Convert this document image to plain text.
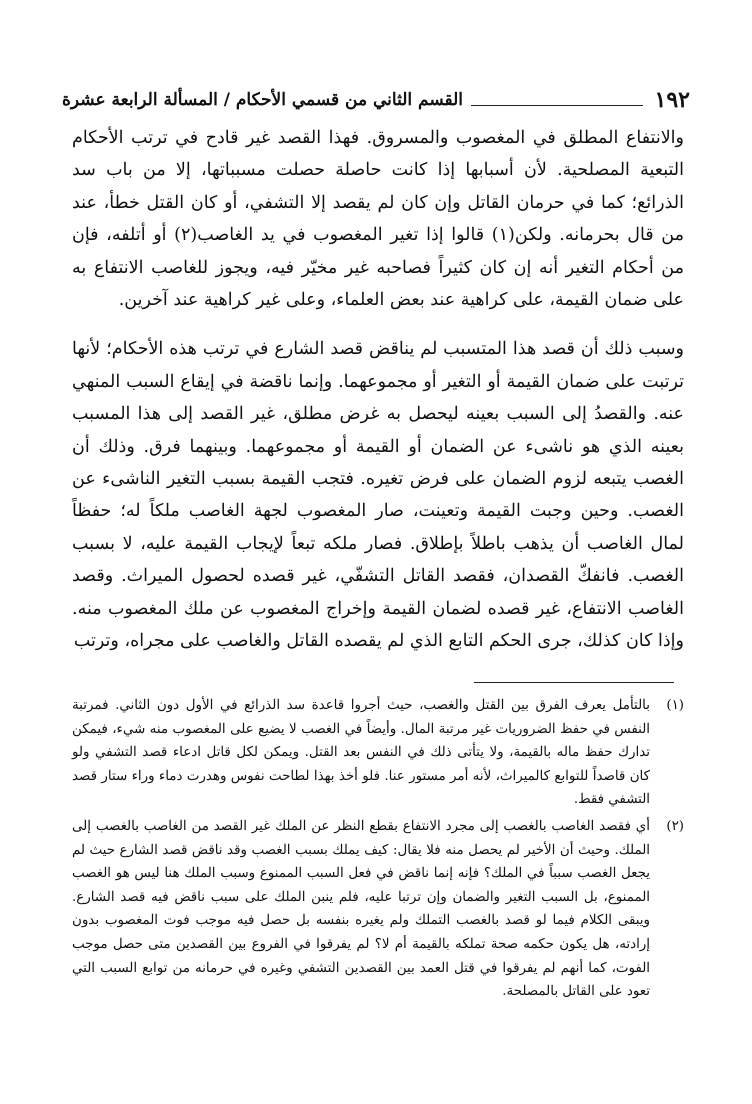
١٩٢
القسم الثاني من قسمي الأحكام / المسألة الرابعة عشرة

والانتفاع المطلق في المغصوب والمسروق. فهذا القصد غير قادح في ترتب الأحكام التبعية المصلحية. لأن أسبابها إذا كانت حاصلة حصلت مسبباتها، إلا من باب سد الذرائع؛ كما في حرمان القاتل وإن كان لم يقصد إلا التشفي، أو كان القتل خطأ، عند من قال بحرمانه. ولكن(١) قالوا إذا تغير المغصوب في يد الغاصب(٢) أو أتلفه، فإن من أحكام التغير أنه إن كان كثيراً فصاحبه غير مخيّر فيه، ويجوز للغاصب الانتفاع به على ضمان القيمة، على كراهية عند بعض العلماء، وعلى غير كراهية عند آخرين.

وسبب ذلك أن قصد هذا المتسبب لم يناقض قصد الشارع في ترتب هذه الأحكام؛ لأنها ترتبت على ضمان القيمة أو التغير أو مجموعهما. وإنما ناقضة في إيقاع السبب المنهي عنه. والقصدُ إلى السبب بعينه ليحصل به غرض مطلق، غير القصد إلى هذا المسبب بعينه الذي هو ناشىء عن الضمان أو القيمة أو مجموعهما. وبينهما فرق. وذلك أن الغصب يتبعه لزوم الضمان على فرض تغيره. فتجب القيمة بسبب التغير الناشىء عن الغصب. وحين وجبت القيمة وتعينت، صار المغصوب لجهة الغاصب ملكاً له؛ حفظاً لمال الغاصب أن يذهب باطلاً بإطلاق. فصار ملكه تبعاً لإيجاب القيمة عليه، لا بسبب الغصب. فانفكّ القصدان، فقصد القاتل التشفّي، غير قصده لحصول الميراث. وقصد الغاصب الانتفاع، غير قصده لضمان القيمة وإخراج المغصوب عن ملك المغصوب منه. وإذا كان كذلك، جرى الحكم التابع الذي لم يقصده القاتل والغاصب على مجراه، وترتب

(١)
بالتأمل يعرف الفرق بين القتل والغصب، حيث أجروا قاعدة سد الذرائع في الأول دون الثاني. فمرتبة النفس في حفظ الضروريات غير مرتبة المال. وأيضاً في الغصب لا يضيع على المغصوب منه شيء، فيمكن تدارك حفظ ماله بالقيمة، ولا يتأتى ذلك في النفس بعد القتل. ويمكن لكل قاتل ادعاء قصد التشفي ولو كان قاصداً للتوابع كالميراث، لأنه أمر مستور عنا. فلو أخذ بهذا لطاحت نفوس وهدرت دماء وراء ستار قصد التشفي فقط.

(٢)
أي فقصد الغاصب بالغصب إلى مجرد الانتفاع بقطع النظر عن الملك غير القصد من الغاصب بالغصب إلى الملك. وحيث أن الأخير لم يحصل منه فلا يقال: كيف يملك بسبب الغصب وقد ناقض قصد الشارع حيث لم يجعل الغصب سبباً في الملك؟ فإنه إنما ناقض في فعل السبب الممنوع وسبب الملك هنا ليس هو الغصب الممنوع، بل السبب التغير والضمان وإن ترتبا عليه، فلم ينبن الملك على سبب ناقض فيه قصد الشارع. ويبقى الكلام فيما لو قصد بالغصب التملك ولم يغيره بنفسه بل حصل فيه موجب فوت المغصوب بدون إرادته، هل يكون حكمه صحة تملكه بالقيمة أم لا؟ لم يفرقوا في الفروع بين القصدين متى حصل موجب الفوت، كما أنهم لم يفرقوا في قتل العمد بين القصدين التشفي وغيره في حرمانه من توابع السبب التي تعود على القاتل بالمصلحة.
